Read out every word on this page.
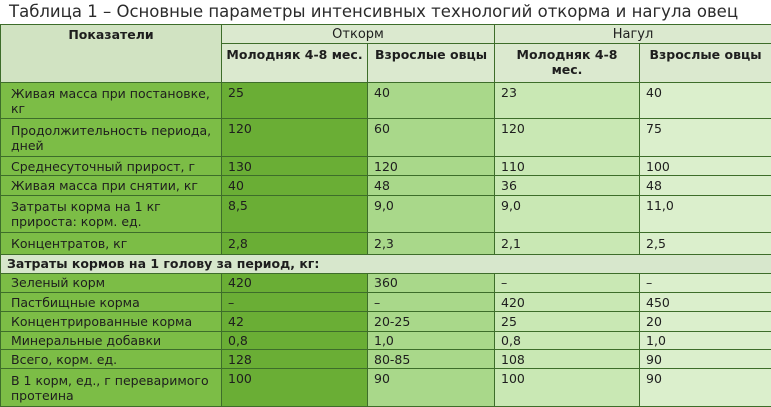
Таблица 1 – Основные параметры интенсивных технологий откорма и нагула овец
Показатели	Откорм		Нагул	
	Молодняк 4-8 мес.	Взрослые овцы	Молодняк 4-8 мес.	Взрослые овцы
Живая масса при постановке, кг	25	40	23	40
Продолжительность периода, дней	120	60	120	75
Среднесуточный прирост, г	130	120	110	100
Живая масса при снятии, кг	40	48	36	48
Затраты корма на 1 кг прироста: корм. ед.	8,5	9,0	9,0	11,0
Концентратов, кг	2,8	2,3	2,1	2,5
Затраты кормов на 1 голову за период, кг:				
Зеленый корм	420	360	–	–
Пастбищные корма	–	–	420	450
Концентрированные корма	42	20-25	25	20
Минеральные добавки	0,8	1,0	0,8	1,0
Всего, корм. ед.	128	80-85	108	90
В 1 корм, ед., г переваримого протеина	100	90	100	90
